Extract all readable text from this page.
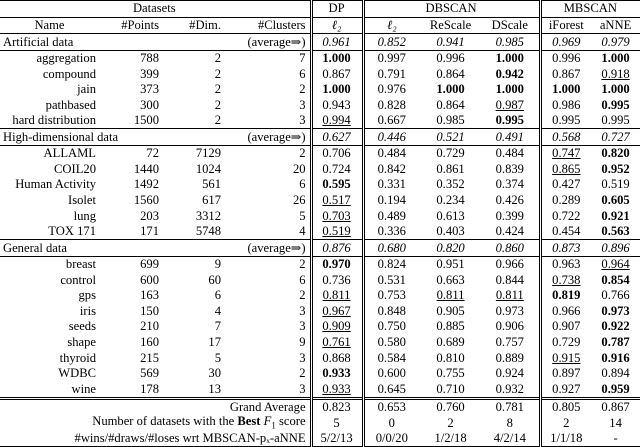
Datasets				DP	DBSCAN			MBSCAN	
Name	#Points	#Dim.	#Clusters	ℓ₂	ℓ₂	ReScale	DScale	iForest	aNNE
Artificial data			(average⇒)	0.961	0.852	0.941	0.985	0.969	0.979
aggregation	788	2	7	1.000	0.997	0.996	1.000	0.996	1.000
compound	399	2	6	0.867	0.791	0.864	0.942	0.867	0.918
jain	373	2	2	1.000	0.976	1.000	1.000	1.000	1.000
pathbased	300	2	3	0.943	0.828	0.864	0.987	0.986	0.995
hard distribution	1500	2	3	0.994	0.667	0.985	0.995	0.995	0.995
High-dimensional data			(average⇒)	0.627	0.446	0.521	0.491	0.568	0.727
ALLAML	72	7129	2	0.706	0.484	0.729	0.484	0.747	0.820
COIL20	1440	1024	20	0.724	0.842	0.861	0.839	0.865	0.952
Human Activity	1492	561	6	0.595	0.331	0.352	0.374	0.427	0.519
Isolet	1560	617	26	0.517	0.194	0.234	0.426	0.289	0.605
lung	203	3312	5	0.703	0.489	0.613	0.399	0.722	0.921
TOX 171	171	5748	4	0.519	0.336	0.403	0.424	0.454	0.563
General data			(average⇒)	0.876	0.680	0.820	0.860	0.873	0.896
breast	699	9	2	0.970	0.824	0.951	0.966	0.963	0.964
control	600	60	6	0.736	0.531	0.663	0.844	0.738	0.854
gps	163	6	2	0.811	0.753	0.811	0.811	0.819	0.766
iris	150	4	3	0.967	0.848	0.905	0.973	0.966	0.973
seeds	210	7	3	0.909	0.750	0.885	0.906	0.907	0.922
shape	160	17	9	0.761	0.580	0.689	0.757	0.729	0.787
thyroid	215	5	3	0.868	0.584	0.810	0.889	0.915	0.916
WDBC	569	30	2	0.933	0.600	0.755	0.924	0.897	0.894
wine	178	13	3	0.933	0.645	0.710	0.932	0.927	0.959
Grand Average				0.823	0.653	0.760	0.781	0.805	0.867
Number of datasets with the Best $F_1$ score				5	0	2	8	2	14
#wins/#draws/#loses wrt MBSCAN-pₓ-aNNE				5/2/13	0/0/20	1/2/18	4/2/14	1/1/18	-
